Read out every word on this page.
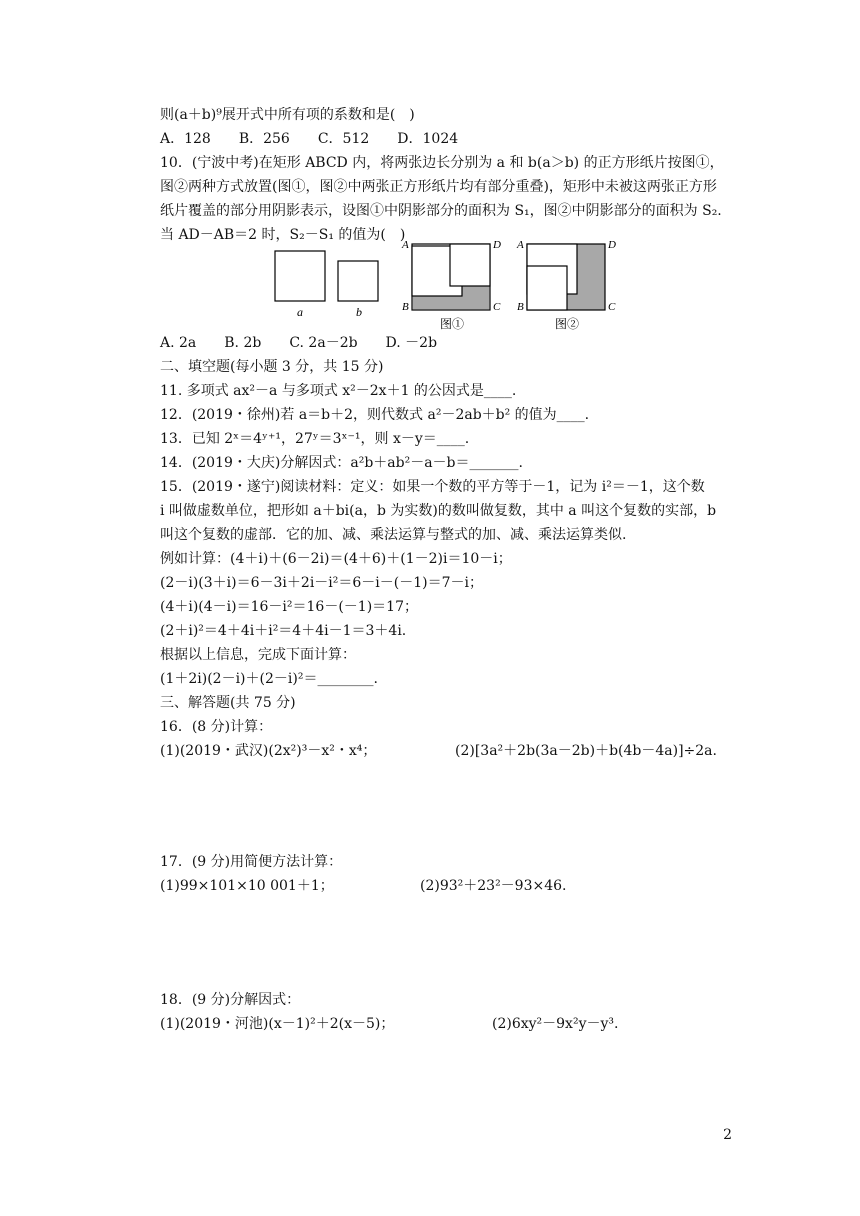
则(a＋b)⁹展开式中所有项的系数和是(　)
A．128　　B．256　　C．512　　D．1024
10．(宁波中考)在矩形 ABCD 内，将两张边长分别为 a 和 b(a＞b) 的正方形纸片按图①，
图②两种方式放置(图①，图②中两张正方形纸片均有部分重叠)，矩形中未被这两张正方形
纸片覆盖的部分用阴影表示，设图①中阴影部分的面积为 S₁，图②中阴影部分的面积为 S₂.
当 AD－AB＝2 时，S₂－S₁ 的值为(　)
a	b
A	D
B	C
图①
A	D
B	C
图②
A. 2a　　B. 2b　　C. 2a－2b　　D. －2b
二、填空题(每小题 3 分，共 15 分)
11. 多项式 ax²－a 与多项式 x²－2x＋1 的公因式是____.
12．(2019・徐州)若 a＝b＋2，则代数式 a²－2ab＋b² 的值为____.
13．已知 2ˣ＝4ʸ⁺¹，27ʸ＝3ˣ⁻¹，则 x－y＝____.
14．(2019・大庆)分解因式：a²b＋ab²－a－b＝_______.
15．(2019・遂宁)阅读材料：定义：如果一个数的平方等于－1，记为 i²＝－1，这个数
i 叫做虚数单位，把形如 a＋bi(a，b 为实数)的数叫做复数，其中 a 叫这个复数的实部，b
叫这个复数的虚部．它的加、减、乘法运算与整式的加、减、乘法运算类似.
例如计算：(4＋i)＋(6－2i)＝(4＋6)＋(1－2)i＝10－i；
(2－i)(3＋i)＝6－3i＋2i－i²＝6－i－(－1)＝7－i；
(4＋i)(4－i)＝16－i²＝16－(－1)＝17；
(2＋i)²＝4＋4i＋i²＝4＋4i－1＝3＋4i.
根据以上信息，完成下面计算：
(1＋2i)(2－i)＋(2－i)²＝________.
三、解答题(共 75 分)
16．(8 分)计算：
(1)(2019・武汉)(2x²)³－x²・x⁴；	(2)[3a²＋2b(3a－2b)＋b(4b－4a)]÷2a.
17．(9 分)用简便方法计算：
(1)99×101×10 001＋1；	(2)93²＋23²－93×46.
18．(9 分)分解因式：
(1)(2019・河池)(x－1)²＋2(x－5)；	(2)6xy²－9x²y－y³.
2
